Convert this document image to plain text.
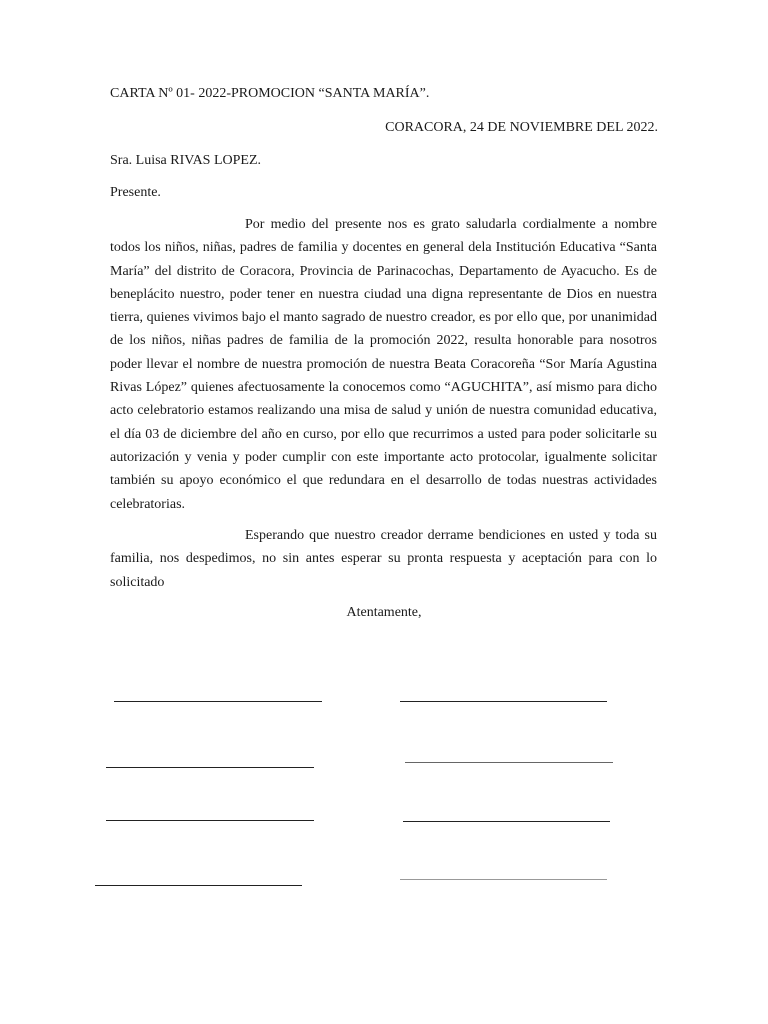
CARTA Nº 01- 2022-PROMOCION “SANTA MARÍA”.
CORACORA, 24 DE NOVIEMBRE DEL 2022.
Sra. Luisa RIVAS LOPEZ.
Presente.
Por medio del presente nos es grato saludarla cordialmente a nombre todos los niños, niñas, padres de familia y docentes en general dela Institución Educativa “Santa María” del distrito de Coracora, Provincia de Parinacochas, Departamento de Ayacucho. Es de beneplácito nuestro, poder tener en nuestra ciudad una digna representante de Dios en nuestra tierra, quienes vivimos bajo el manto sagrado de nuestro creador, es por ello que, por unanimidad de los niños, niñas padres de familia de la promoción 2022, resulta honorable para nosotros poder llevar el nombre de nuestra promoción de nuestra Beata Coracoreña “Sor María Agustina Rivas López” quienes afectuosamente la conocemos como “AGUCHITA”, así mismo para dicho acto celebratorio estamos realizando una misa de salud y unión de nuestra comunidad educativa, el día 03 de diciembre del año en curso, por ello que recurrimos a usted para poder solicitarle su autorización y venia y poder cumplir con este importante acto protocolar, igualmente solicitar también su apoyo económico el que redundara en el desarrollo de todas nuestras actividades celebratorias.
Esperando que nuestro creador derrame bendiciones en usted y toda su familia, nos despedimos, no sin antes esperar su pronta respuesta y aceptación para con lo solicitado
Atentamente,
